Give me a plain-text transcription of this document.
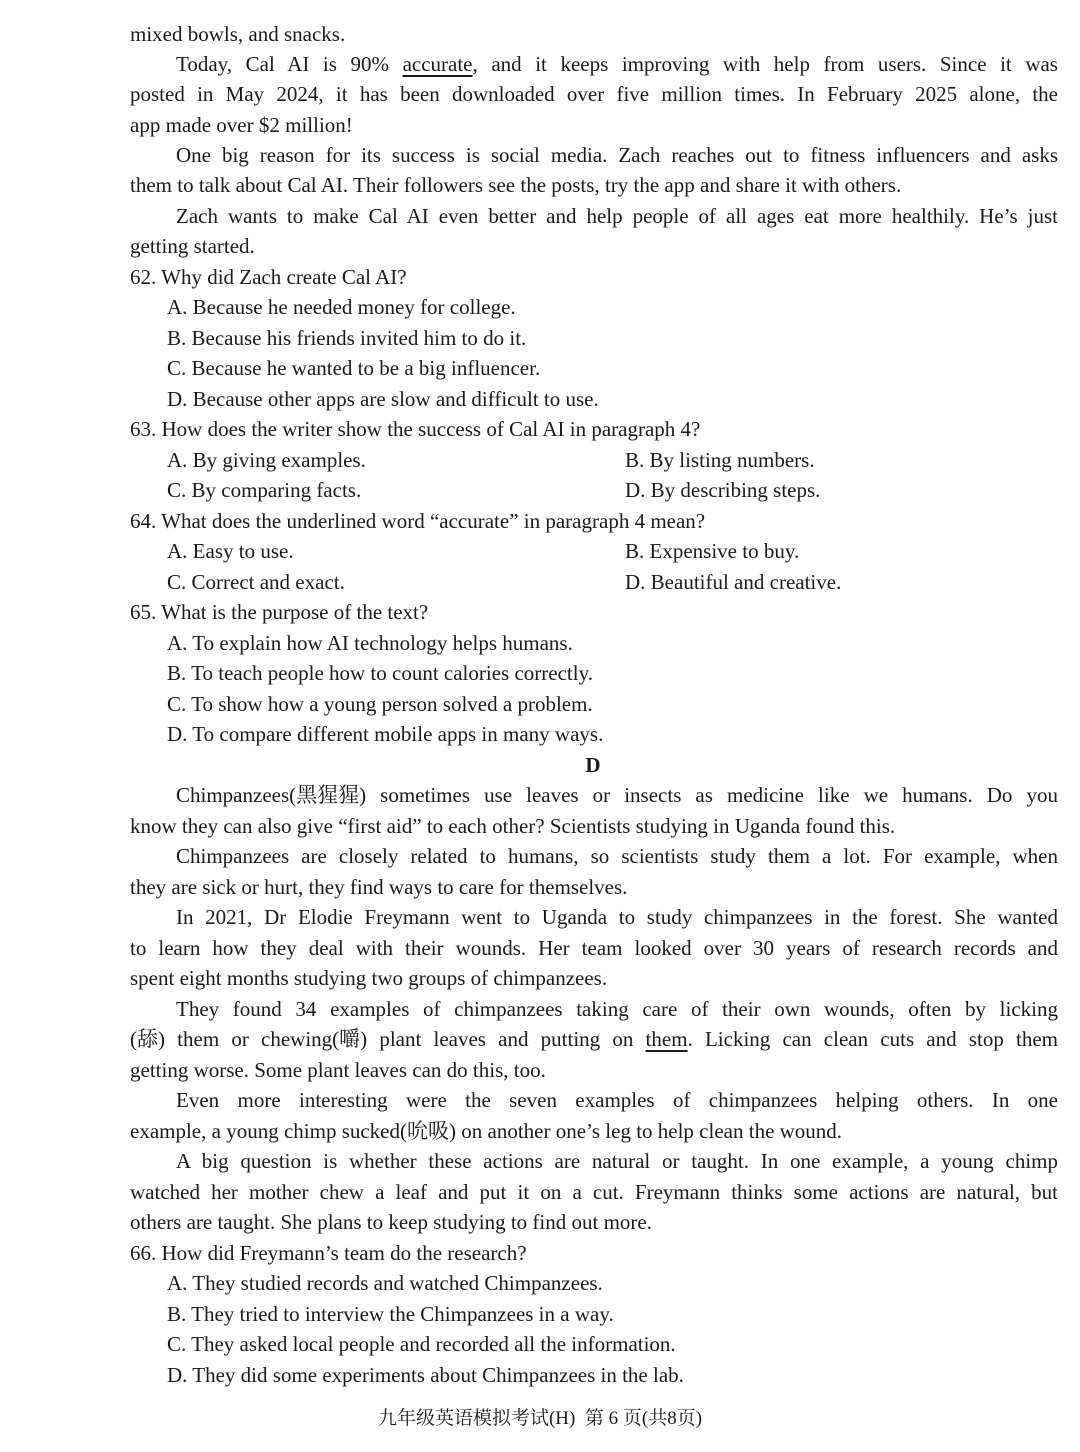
mixed bowls, and snacks.
Today, Cal AI is 90% accurate, and it keeps improving with help from users. Since it was
posted in May 2024, it has been downloaded over five million times. In February 2025 alone, the
app made over $2 million!
One big reason for its success is social media. Zach reaches out to fitness influencers and asks
them to talk about Cal AI. Their followers see the posts, try the app and share it with others.
Zach wants to make Cal AI even better and help people of all ages eat more healthily. He’s just
getting started.
62. Why did Zach create Cal AI?
A. Because he needed money for college.
B. Because his friends invited him to do it.
C. Because he wanted to be a big influencer.
D. Because other apps are slow and difficult to use.
63. How does the writer show the success of Cal AI in paragraph 4?
A. By giving examples.	B. By listing numbers.
C. By comparing facts.	D. By describing steps.
64. What does the underlined word “accurate” in paragraph 4 mean?
A. Easy to use.	B. Expensive to buy.
C. Correct and exact.	D. Beautiful and creative.
65. What is the purpose of the text?
A. To explain how AI technology helps humans.
B. To teach people how to count calories correctly.
C. To show how a young person solved a problem.
D. To compare different mobile apps in many ways.
D
Chimpanzees(黑猩猩) sometimes use leaves or insects as medicine like we humans. Do you
know they can also give “first aid” to each other? Scientists studying in Uganda found this.
Chimpanzees are closely related to humans, so scientists study them a lot. For example, when
they are sick or hurt, they find ways to care for themselves.
In 2021, Dr Elodie Freymann went to Uganda to study chimpanzees in the forest. She wanted
to learn how they deal with their wounds. Her team looked over 30 years of research records and
spent eight months studying two groups of chimpanzees.
They found 34 examples of chimpanzees taking care of their own wounds, often by licking
(舔) them or chewing(嚼) plant leaves and putting on them. Licking can clean cuts and stop them
getting worse. Some plant leaves can do this, too.
Even more interesting were the seven examples of chimpanzees helping others. In one
example, a young chimp sucked(吮吸) on another one’s leg to help clean the wound.
A big question is whether these actions are natural or taught. In one example, a young chimp
watched her mother chew a leaf and put it on a cut. Freymann thinks some actions are natural, but
others are taught. She plans to keep studying to find out more.
66. How did Freymann’s team do the research?
A. They studied records and watched Chimpanzees.
B. They tried to interview the Chimpanzees in a way.
C. They asked local people and recorded all the information.
D. They did some experiments about Chimpanzees in the lab.
九年级英语模拟考试(H)  第 6 页(共8页)
